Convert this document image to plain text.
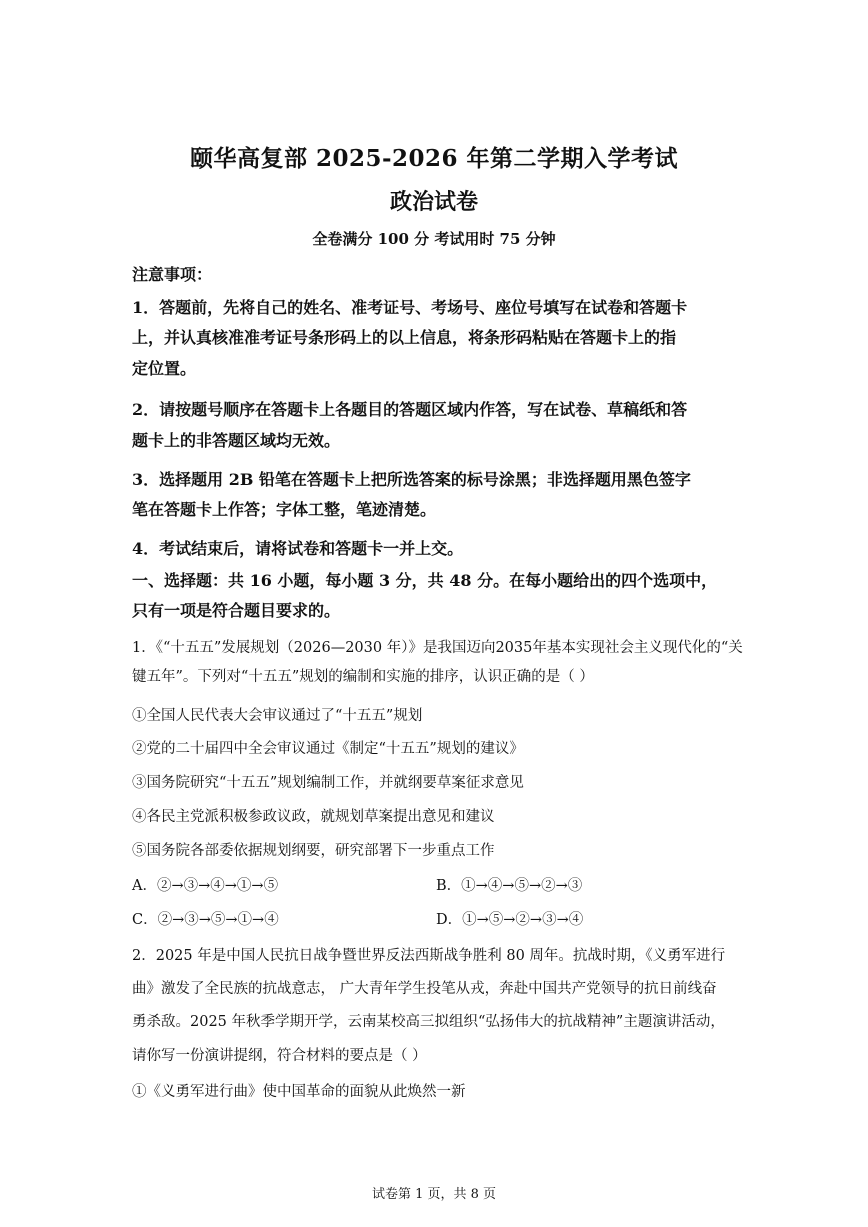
颐华高复部 2025-2026 年第二学期入学考试
政治试卷
全卷满分 100 分 考试用时 75 分钟
注意事项：
1．答题前，先将自己的姓名、准考证号、考场号、座位号填写在试卷和答题卡
上，并认真核准准考证号条形码上的以上信息，将条形码粘贴在答题卡上的指
定位置。
2．请按题号顺序在答题卡上各题目的答题区域内作答，写在试卷、草稿纸和答
题卡上的非答题区域均无效。
3．选择题用 2B 铅笔在答题卡上把所选答案的标号涂黑；非选择题用黑色签字
笔在答题卡上作答；字体工整，笔迹清楚。
4．考试结束后，请将试卷和答题卡一并上交。
一、选择题：共 16 小题，每小题 3 分，共 48 分。在每小题给出的四个选项中，
只有一项是符合题目要求的。
1．《“十五五”发展规划（2026—2030 年）》是我国迈向2035年基本实现社会主义现代化的“关
键五年”。下列对“十五五”规划的编制和实施的排序，认识正确的是（ ）
①全国人民代表大会审议通过了“十五五”规划
②党的二十届四中全会审议通过《制定“十五五”规划的建议》
③国务院研究“十五五”规划编制工作，并就纲要草案征求意见
④各民主党派积极参政议政，就规划草案提出意见和建议
⑤国务院各部委依据规划纲要，研究部署下一步重点工作
A．②→③→④→①→⑤	B．①→④→⑤→②→③
C．②→③→⑤→①→④	D．①→⑤→②→③→④
2．2025 年是中国人民抗日战争暨世界反法西斯战争胜利 80 周年。抗战时期，《义勇军进行
曲》激发了全民族的抗战意志， 广大青年学生投笔从戎，奔赴中国共产党领导的抗日前线奋
勇杀敌。2025 年秋季学期开学，云南某校高三拟组织“弘扬伟大的抗战精神”主题演讲活动，
请你写一份演讲提纲，符合材料的要点是（ ）
①《义勇军进行曲》使中国革命的面貌从此焕然一新
试卷第 1 页，共 8 页
